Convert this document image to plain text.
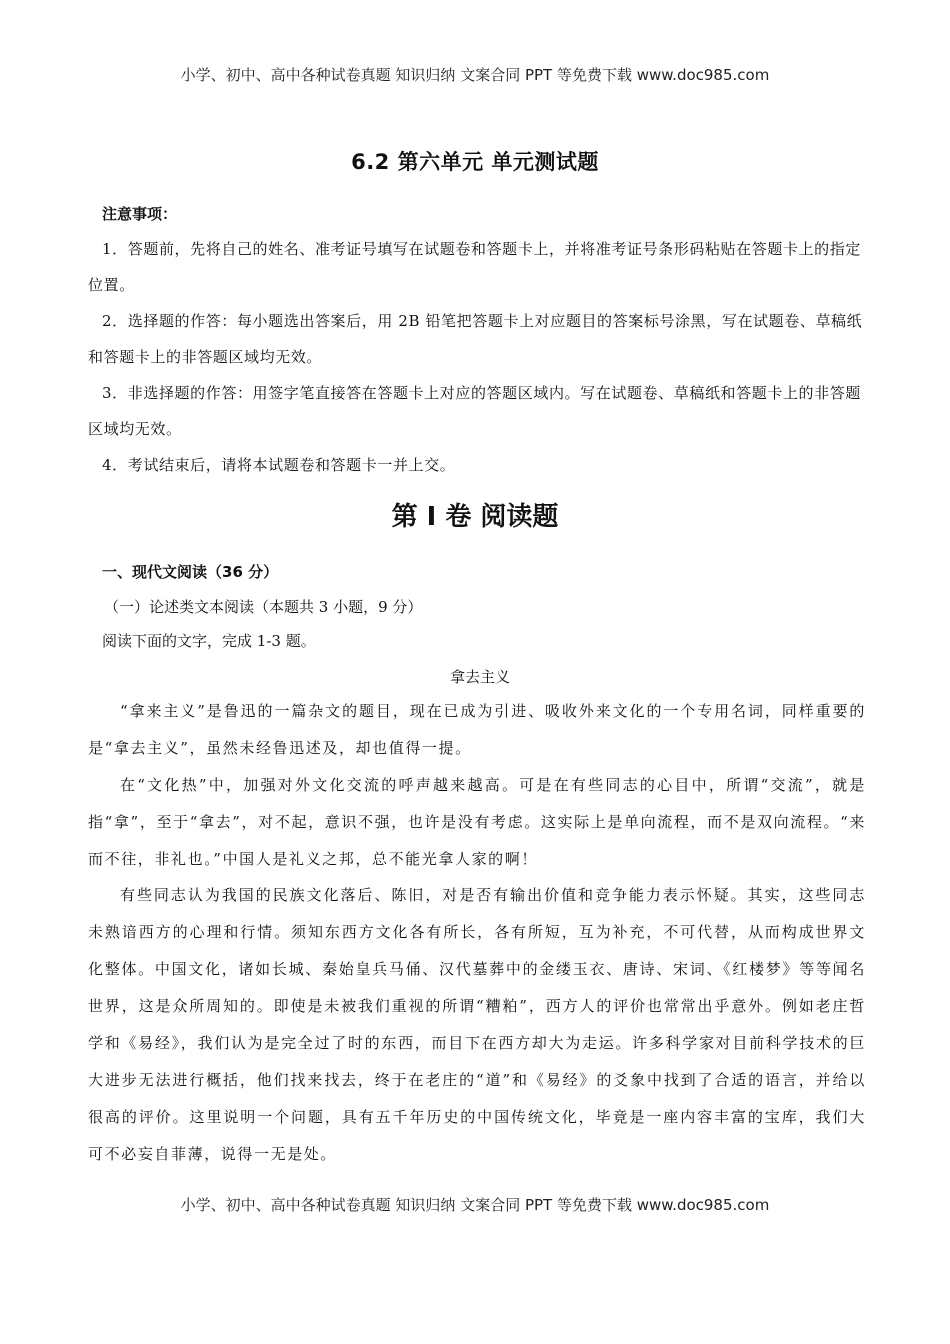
小学、初中、高中各种试卷真题 知识归纳 文案合同 PPT 等免费下载 www.doc985.com
6.2 第六单元 单元测试题
注意事项：
1．答题前，先将自己的姓名、准考证号填写在试题卷和答题卡上，并将准考证号条形码粘贴在答题卡上的指定位置。
2．选择题的作答：每小题选出答案后，用 2B 铅笔把答题卡上对应题目的答案标号涂黑，写在试题卷、草稿纸和答题卡上的非答题区域均无效。
3．非选择题的作答：用签字笔直接答在答题卡上对应的答题区域内。写在试题卷、草稿纸和答题卡上的非答题区域均无效。
4．考试结束后，请将本试题卷和答题卡一并上交。
第 I 卷 阅读题
一、现代文阅读（36 分）
（一）论述类文本阅读（本题共 3 小题，9 分）
阅读下面的文字，完成 1-3 题。
拿去主义
“拿来主义”是鲁迅的一篇杂文的题目，现在已成为引进、吸收外来文化的一个专用名词，同样重要的是“拿去主义”，虽然未经鲁迅述及，却也值得一提。
在“文化热”中，加强对外文化交流的呼声越来越高。可是在有些同志的心目中，所谓“交流”，就是指“拿”，至于“拿去”，对不起，意识不强，也许是没有考虑。这实际上是单向流程，而不是双向流程。“来而不往，非礼也。”中国人是礼义之邦，总不能光拿人家的啊！
有些同志认为我国的民族文化落后、陈旧，对是否有输出价值和竞争能力表示怀疑。其实，这些同志未熟谙西方的心理和行情。须知东西方文化各有所长，各有所短，互为补充，不可代替，从而构成世界文化整体。中国文化，诸如长城、秦始皇兵马俑、汉代墓葬中的金缕玉衣、唐诗、宋词、《红楼梦》等等闻名世界，这是众所周知的。即使是未被我们重视的所谓“糟粕”，西方人的评价也常常出乎意外。例如老庄哲学和《易经》，我们认为是完全过了时的东西，而目下在西方却大为走运。许多科学家对目前科学技术的巨大进步无法进行概括，他们找来找去，终于在老庄的“道”和《易经》的爻象中找到了合适的语言，并给以很高的评价。这里说明一个问题，具有五千年历史的中国传统文化，毕竟是一座内容丰富的宝库，我们大可不必妄自菲薄，说得一无是处。
小学、初中、高中各种试卷真题 知识归纳 文案合同 PPT 等免费下载 www.doc985.com
